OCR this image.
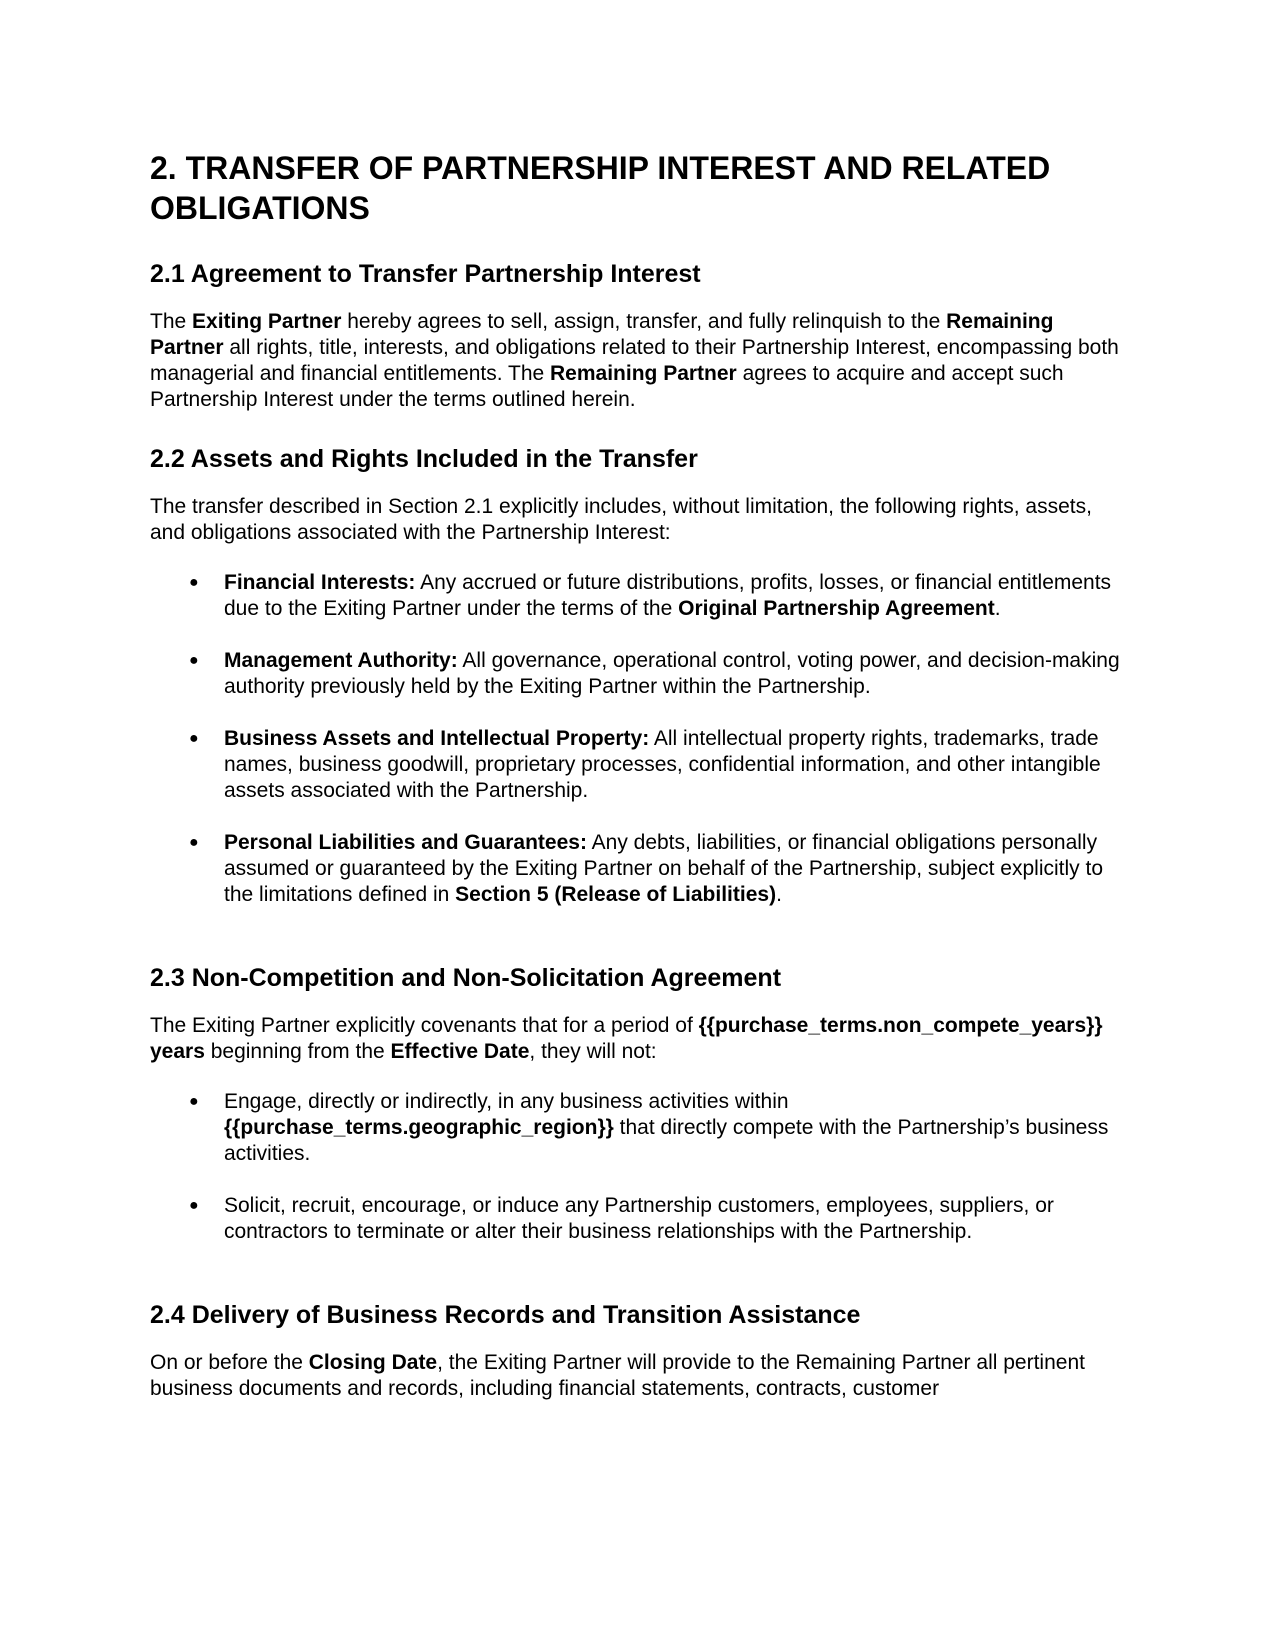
2. TRANSFER OF PARTNERSHIP INTEREST AND RELATED OBLIGATIONS
2.1 Agreement to Transfer Partnership Interest

The Exiting Partner hereby agrees to sell, assign, transfer, and fully relinquish to the Remaining Partner all rights, title, interests, and obligations related to their Partnership Interest, encompassing both managerial and financial entitlements. The Remaining Partner agrees to acquire and accept such Partnership Interest under the terms outlined herein.

2.2 Assets and Rights Included in the Transfer

The transfer described in Section 2.1 explicitly includes, without limitation, the following rights, assets, and obligations associated with the Partnership Interest:

● Financial Interests: Any accrued or future distributions, profits, losses, or financial entitlements due to the Exiting Partner under the terms of the Original Partnership Agreement.
● Management Authority: All governance, operational control, voting power, and decision-making authority previously held by the Exiting Partner within the Partnership.
● Business Assets and Intellectual Property: All intellectual property rights, trademarks, trade names, business goodwill, proprietary processes, confidential information, and other intangible assets associated with the Partnership.
● Personal Liabilities and Guarantees: Any debts, liabilities, or financial obligations personally assumed or guaranteed by the Exiting Partner on behalf of the Partnership, subject explicitly to the limitations defined in Section 5 (Release of Liabilities).
2.3 Non-Competition and Non-Solicitation Agreement

The Exiting Partner explicitly covenants that for a period of {{purchase_terms.non_compete_years}} years beginning from the Effective Date, they will not:

● Engage, directly or indirectly, in any business activities within {{purchase_terms.geographic_region}} that directly compete with the Partnership’s business activities.
● Solicit, recruit, encourage, or induce any Partnership customers, employees, suppliers, or contractors to terminate or alter their business relationships with the Partnership.
2.4 Delivery of Business Records and Transition Assistance

On or before the Closing Date, the Exiting Partner will provide to the Remaining Partner all pertinent business documents and records, including financial statements, contracts, customer
